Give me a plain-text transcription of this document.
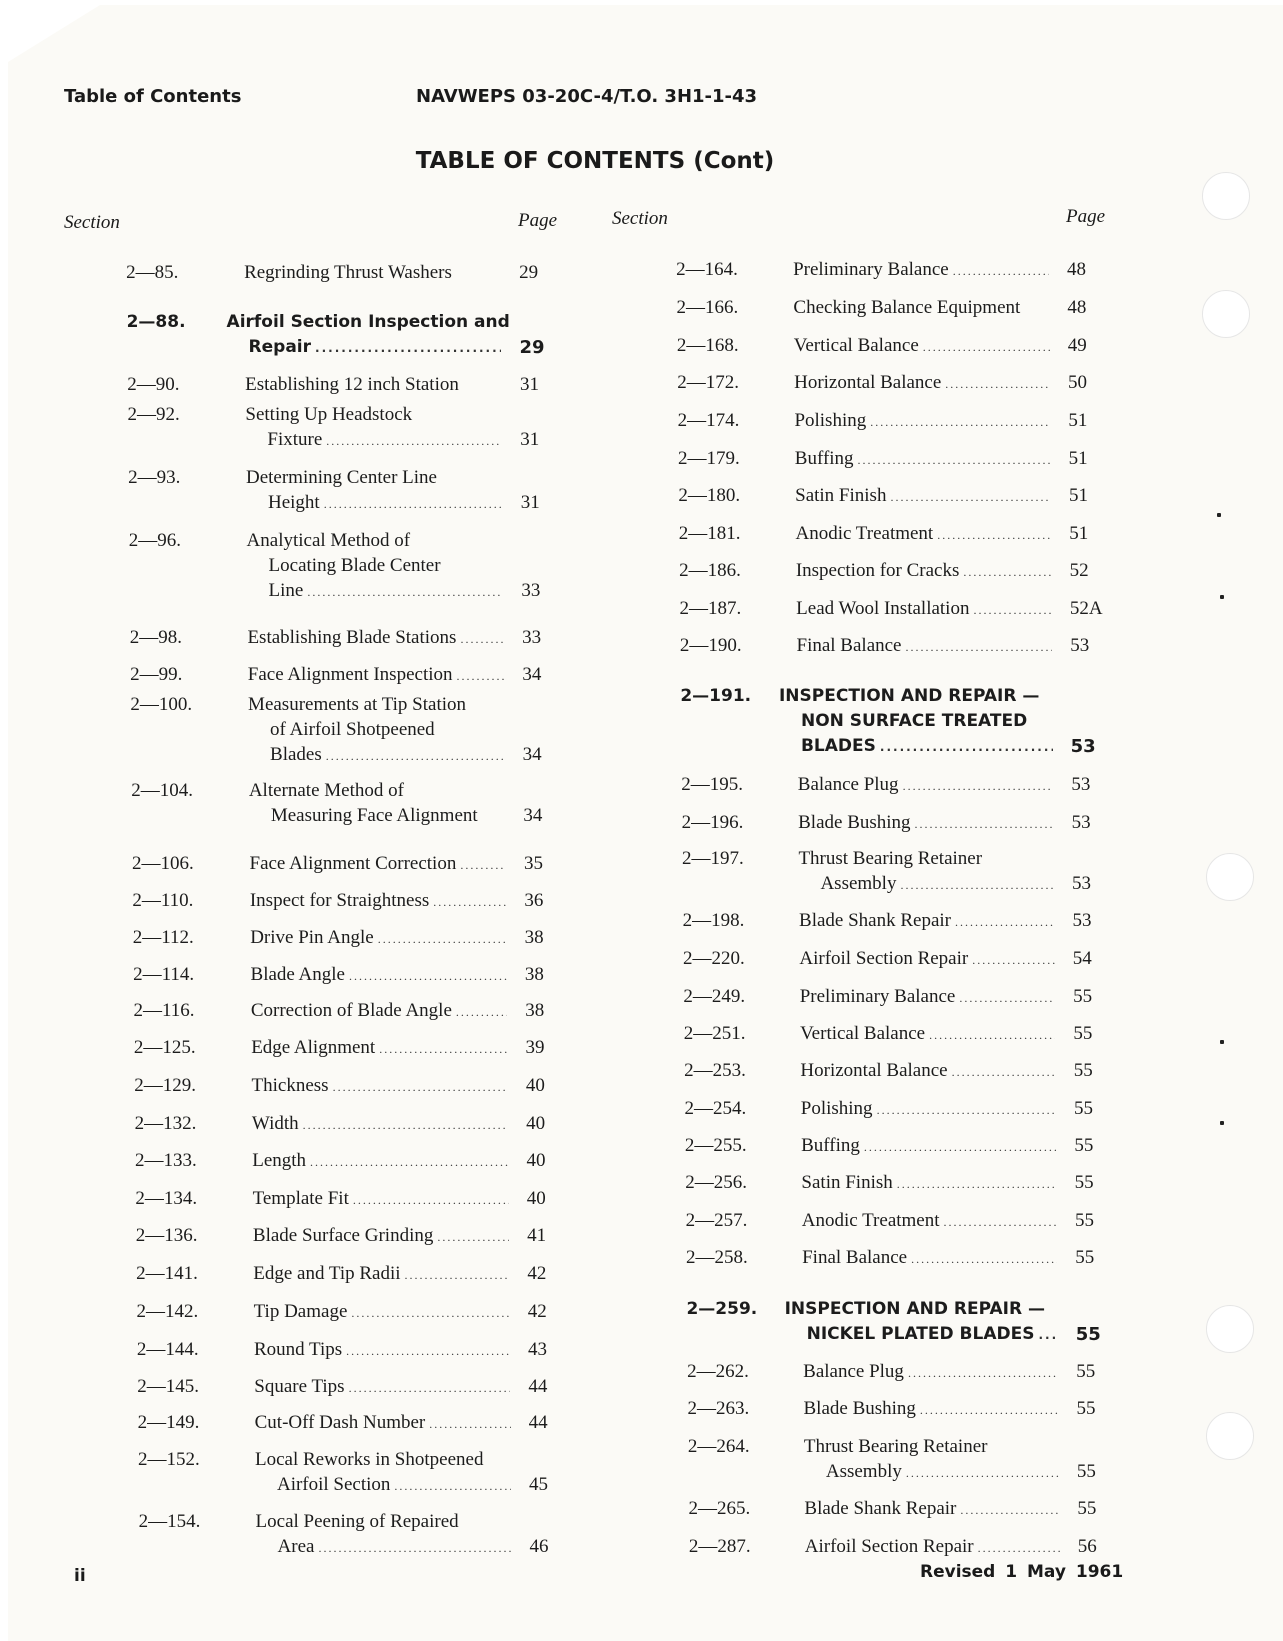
Table of Contents	NAVWEPS 03-20C-4/T.O. 3H1-1-43
TABLE OF CONTENTS (Cont)
Section	Page	Section	Page
2—85.	Regrinding Thrust Washers	29
2—88. Airfoil Section Inspection and
Repair .....	29
2—90.	Establishing 12 inch Station	31
2—92.	Setting Up Headstock
Fixture .....	31
2—93.	Determining Center Line
Height .....	31
2—96.	Analytical Method of
Locating Blade Center
Line .....	33
2—98.	Establishing Blade Stations .....	33
2—99.	Face Alignment Inspection .....	34
2—100.	Measurements at Tip Station
of Airfoil Shotpeened
Blades .....	34
2—104.	Alternate Method of
Measuring Face Alignment 34
2—106.	Face Alignment Correction .....	35
2—110.	Inspect for Straightness .....	36
2—112.	Drive Pin Angle .....	38
2—114.	Blade Angle .....	38
2—116.	Correction of Blade Angle .....	38
2—125.	Edge Alignment .....	39
2—129.	Thickness .....	40
2—132.	Width .....	40
2—133.	Length .....	40
2—134.	Template Fit .....	40
2—136.	Blade Surface Grinding .....	41
2—141.	Edge and Tip Radii .....	42
2—142.	Tip Damage .....	42
2—144.	Round Tips .....	43
2—145.	Square Tips .....	44
2—149.	Cut-Off Dash Number .....	44
2—152.	Local Reworks in Shotpeened
Airfoil Section .....	45
2—154.	Local Peening of Repaired
Area .....	46
2—164.	Preliminary Balance .....	48
2—166.	Checking Balance Equipment 48
2—168.	Vertical Balance .....	49
2—172.	Horizontal Balance .....	50
2—174.	Polishing .....	51
2—179.	Buffing .....	51
2—180.	Satin Finish .....	51
2—181.	Anodic Treatment .....	51
2—186.	Inspection for Cracks .....	52
2—187.	Lead Wool Installation .....	52A
2—190.	Final Balance .....	53
2—191. INSPECTION AND REPAIR —
NON SURFACE TREATED
BLADES .....	53
2—195.	Balance Plug .....	53
2—196.	Blade Bushing .....	53
2—197.	Thrust Bearing Retainer
Assembly .....	53
2—198.	Blade Shank Repair .....	53
2—220.	Airfoil Section Repair .....	54
2—249.	Preliminary Balance .....	55
2—251.	Vertical Balance .....	55
2—253.	Horizontal Balance .....	55
2—254.	Polishing .....	55
2—255.	Buffing .....	55
2—256.	Satin Finish .....	55
2—257.	Anodic Treatment .....	55
2—258.	Final Balance .....	55
2—259. INSPECTION AND REPAIR —
NICKEL PLATED BLADES ..... 55
2—262.	Balance Plug .....	55
2—263.	Blade Bushing .....	55
2—264.	Thrust Bearing Retainer
Assembly .....	55
2—265.	Blade Shank Repair .....	55
2—287.	Airfoil Section Repair .....	56
ii	Revised 1 May 1961
